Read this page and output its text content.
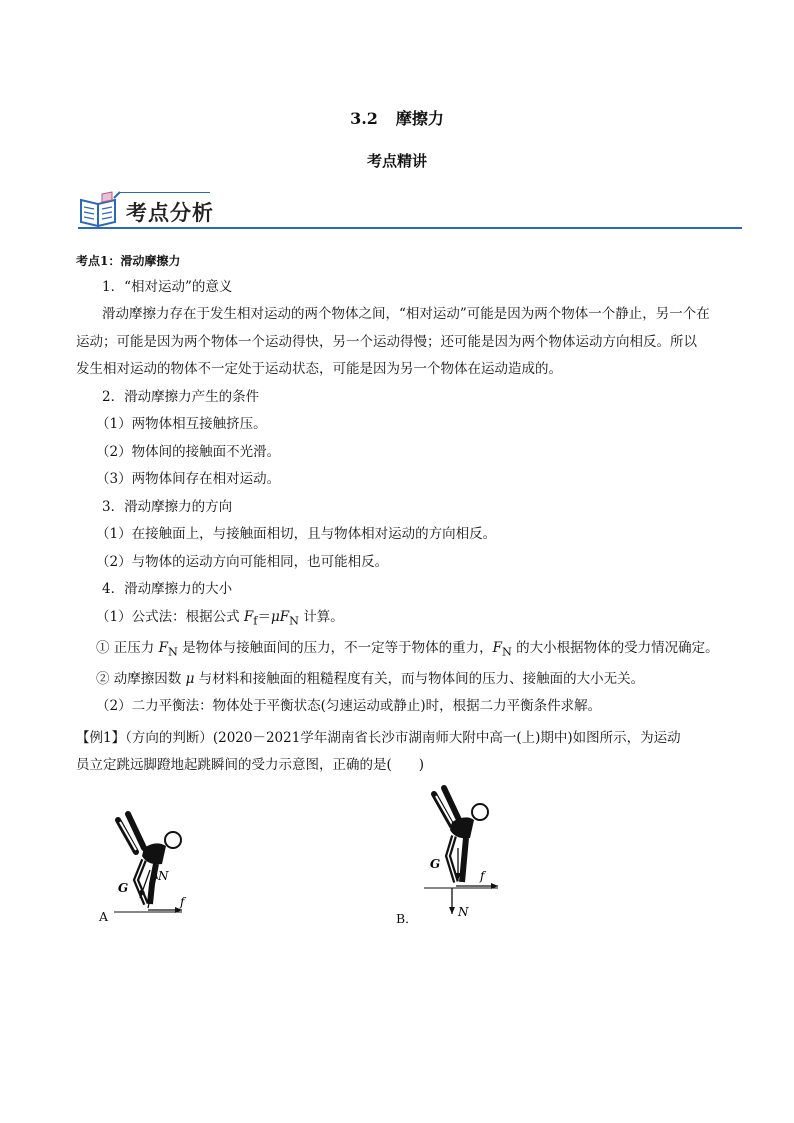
3.2 摩擦力
考点精讲
考点分析
考点1：滑动摩擦力
1．“相对运动”的意义
滑动摩擦力存在于发生相对运动的两个物体之间，“相对运动”可能是因为两个物体一个静止，另一个在
运动；可能是因为两个物体一个运动得快，另一个运动得慢；还可能是因为两个物体运动方向相反。所以
发生相对运动的物体不一定处于运动状态，可能是因为另一个物体在运动造成的。
2．滑动摩擦力产生的条件
（1）两物体相互接触挤压。
（2）物体间的接触面不光滑。
（3）两物体间存在相对运动。
3．滑动摩擦力的方向
（1）在接触面上，与接触面相切，且与物体相对运动的方向相反。
（2）与物体的运动方向可能相同，也可能相反。
4．滑动摩擦力的大小
（1）公式法：根据公式 $F_f=\mu F_N$ 计算。
① 正压力 $F_N$ 是物体与接触面间的压力，不一定等于物体的重力，$F_N$ 的大小根据物体的受力情况确定。
② 动摩擦因数 μ 与材料和接触面的粗糙程度有关，而与物体间的压力、接触面的大小无关。
（2）二力平衡法：物体处于平衡状态(匀速运动或静止)时，根据二力平衡条件求解。
【例1】（方向的判断）(2020－2021学年湖南省长沙市湖南师大附中高一(上)期中)如图所示，为运动
员立定跳远脚蹬地起跳瞬间的受力示意图，正确的是(　　)
G
N
f
A
G
N
f
B．
